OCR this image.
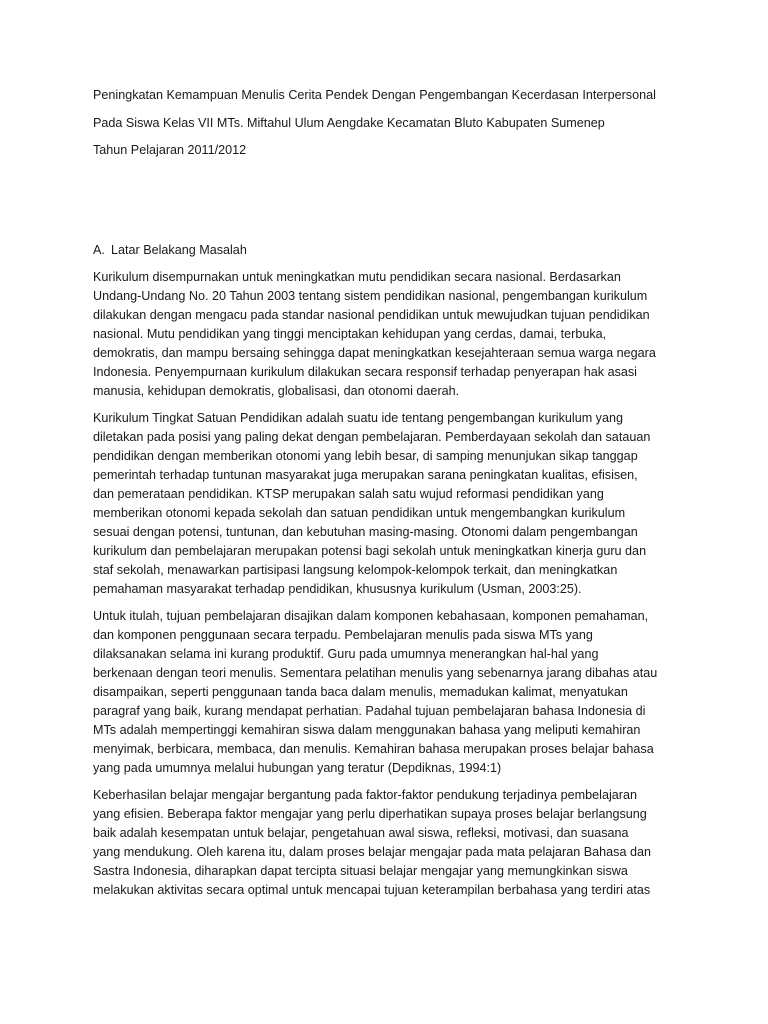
Peningkatan Kemampuan Menulis Cerita Pendek Dengan Pengembangan Kecerdasan Interpersonal
Pada Siswa Kelas VII MTs. Miftahul Ulum Aengdake Kecamatan Bluto Kabupaten Sumenep
Tahun Pelajaran 2011/2012
A. Latar Belakang Masalah
Kurikulum disempurnakan untuk meningkatkan mutu pendidikan secara nasional. Berdasarkan
Undang-Undang No. 20 Tahun 2003 tentang sistem pendidikan nasional, pengembangan kurikulum
dilakukan dengan mengacu pada standar nasional pendidikan untuk mewujudkan tujuan pendidikan
nasional. Mutu pendidikan yang tinggi menciptakan kehidupan yang cerdas, damai, terbuka,
demokratis, dan mampu bersaing sehingga dapat meningkatkan kesejahteraan semua warga negara
Indonesia. Penyempurnaan kurikulum dilakukan secara responsif terhadap penyerapan hak asasi
manusia, kehidupan demokratis, globalisasi, dan otonomi daerah.
Kurikulum Tingkat Satuan Pendidikan adalah suatu ide tentang pengembangan kurikulum yang
diletakan pada posisi yang paling dekat dengan pembelajaran. Pemberdayaan sekolah dan satauan
pendidikan dengan memberikan otonomi yang lebih besar, di samping menunjukan sikap tanggap
pemerintah terhadap tuntunan masyarakat juga merupakan sarana peningkatan kualitas, efisisen,
dan pemerataan pendidikan. KTSP merupakan salah satu wujud reformasi pendidikan yang
memberikan otonomi kepada sekolah dan satuan pendidikan untuk mengembangkan kurikulum
sesuai dengan potensi, tuntunan, dan kebutuhan masing-masing. Otonomi dalam pengembangan
kurikulum dan pembelajaran merupakan potensi bagi sekolah untuk meningkatkan kinerja guru dan
staf sekolah, menawarkan partisipasi langsung kelompok-kelompok terkait, dan meningkatkan
pemahaman masyarakat terhadap pendidikan, khususnya kurikulum (Usman, 2003:25).
Untuk itulah, tujuan pembelajaran disajikan dalam komponen kebahasaan, komponen pemahaman,
dan komponen penggunaan secara terpadu. Pembelajaran menulis pada siswa MTs yang
dilaksanakan selama ini kurang produktif. Guru pada umumnya menerangkan hal-hal yang
berkenaan dengan teori menulis. Sementara pelatihan menulis yang sebenarnya jarang dibahas atau
disampaikan, seperti penggunaan tanda baca dalam menulis, memadukan kalimat, menyatukan
paragraf yang baik, kurang mendapat perhatian. Padahal tujuan pembelajaran bahasa Indonesia di
MTs adalah mempertinggi kemahiran siswa dalam menggunakan bahasa yang meliputi kemahiran
menyimak, berbicara, membaca, dan menulis. Kemahiran bahasa merupakan proses belajar bahasa
yang pada umumnya melalui hubungan yang teratur (Depdiknas, 1994:1)
Keberhasilan belajar mengajar bergantung pada faktor-faktor pendukung terjadinya pembelajaran
yang efisien. Beberapa faktor mengajar yang perlu diperhatikan supaya proses belajar berlangsung
baik adalah kesempatan untuk belajar, pengetahuan awal siswa, refleksi, motivasi, dan suasana
yang mendukung. Oleh karena itu, dalam proses belajar mengajar pada mata pelajaran Bahasa dan
Sastra Indonesia, diharapkan dapat tercipta situasi belajar mengajar yang memungkinkan siswa
melakukan aktivitas secara optimal untuk mencapai tujuan keterampilan berbahasa yang terdiri atas
